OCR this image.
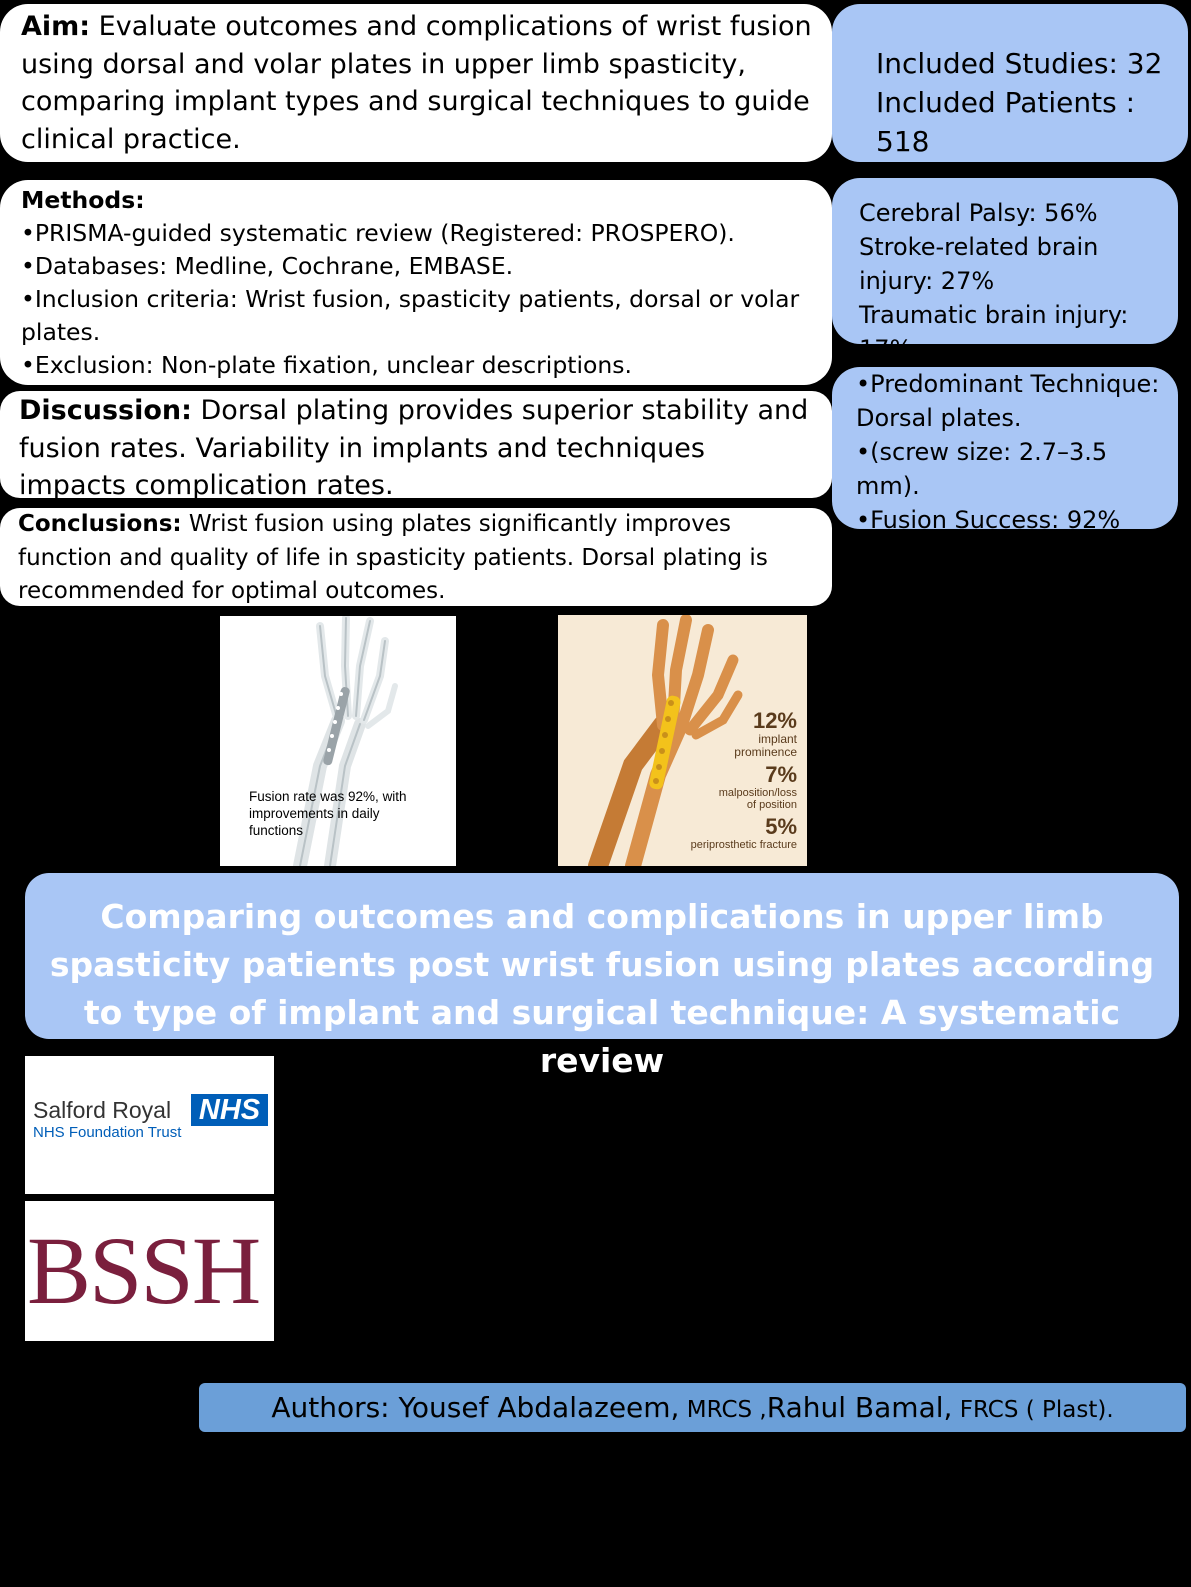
Aim: Evaluate outcomes and complications of wrist fusion using dorsal and volar plates in upper limb spasticity, comparing implant types and surgical techniques to guide clinical practice.
Included Studies: 32
Included Patients : 518
Methods:
•PRISMA-guided systematic review (Registered: PROSPERO).
•Databases: Medline, Cochrane, EMBASE.
•Inclusion criteria: Wrist fusion, spasticity patients, dorsal or volar plates.
•Exclusion: Non-plate fixation, unclear descriptions.
Cerebral Palsy: 56%
Stroke-related brain injury: 27%
Traumatic brain injury: 17%
Discussion: Dorsal plating provides superior stability and fusion rates. Variability in implants and techniques impacts complication rates.
•Predominant Technique: Dorsal plates.
•(screw size: 2.7–3.5 mm).
•Fusion Success: 92%
Conclusions: Wrist fusion using plates significantly improves function and quality of life in spasticity patients. Dorsal plating is recommended for optimal outcomes.
Fusion rate was 92%, with
improvements in daily
functions
12%
implant
prominence
7%
malposition/loss
of position
5%
periprosthetic fracture
Comparing outcomes and complications in upper limb spasticity patients post wrist fusion using plates according to type of implant and surgical technique: A systematic review
Salford Royal
NHS Foundation Trust
NHS
BSSH
Authors: Yousef Abdalazeem, MRCS ,Rahul Bamal, FRCS ( Plast).
